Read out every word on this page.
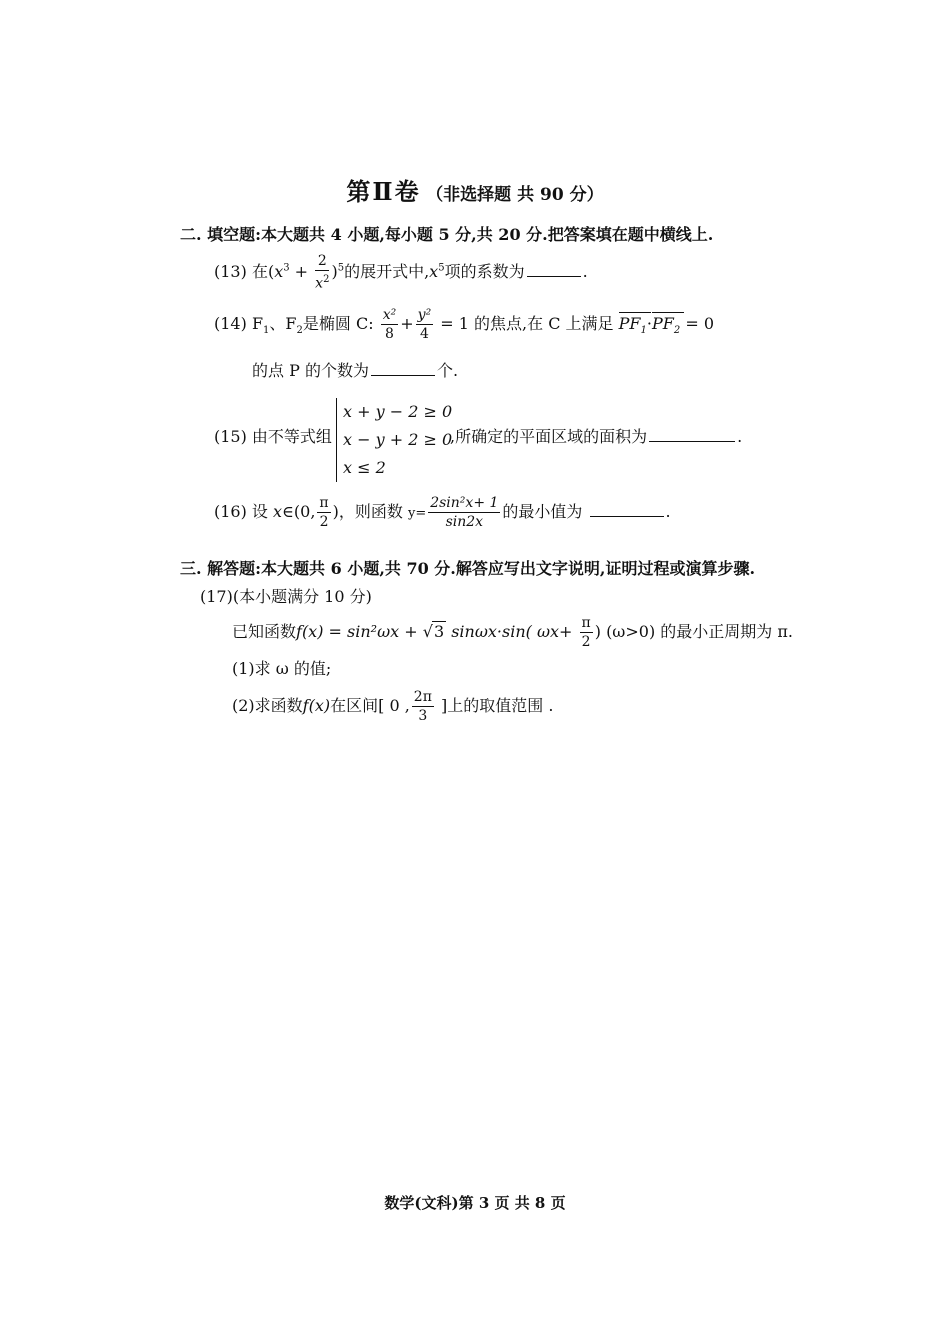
第Ⅱ卷 （非选择题 共 90 分）
二. 填空题:本大题共 4 小题,每小题 5 分,共 20 分.把答案填在题中横线上.
(13) 在$(x^3 + \frac{2}{x^2} )^5$的展开式中$,x^5$项的系数为	.
(14) $F_1$、$F_2$是椭圆 C: $\frac{\text{x²}}{8} + \frac{\text{y²}}{4} = 1$ 的焦点,在 C 上满足 $PF_1\cdot PF_2 = 0$
的点 P 的个数为	个.
(15) 由不等式组
x + y − 2 ≥ 0
x − y + 2 ≥ 0
x ≤ 2
,所确定的平面区域的面积为	.
(16) 设 x∈(0, $\frac{\pi}{2}$ )，则函数 $y= \frac{\text{2sin²x+ 1}}{\sin 2x}$ 的最小值为	.
三. 解答题:本大题共 6 小题,共 70 分.解答应写出文字说明,证明过程或演算步骤.
(17)(本小题满分 10 分)
已知函数f(x) = sin²ωx + √3 sinωx·sin( $\omega x+ \frac{\pi}{2}$ ) (ω>0) 的最小正周期为 π.
(1)求 ω 的值;
(2)求函数f(x)在区间[ 0 , $\frac{2\pi}{3}$ ]上的取值范围 .
数学(文科)第 3 页 共 8 页
